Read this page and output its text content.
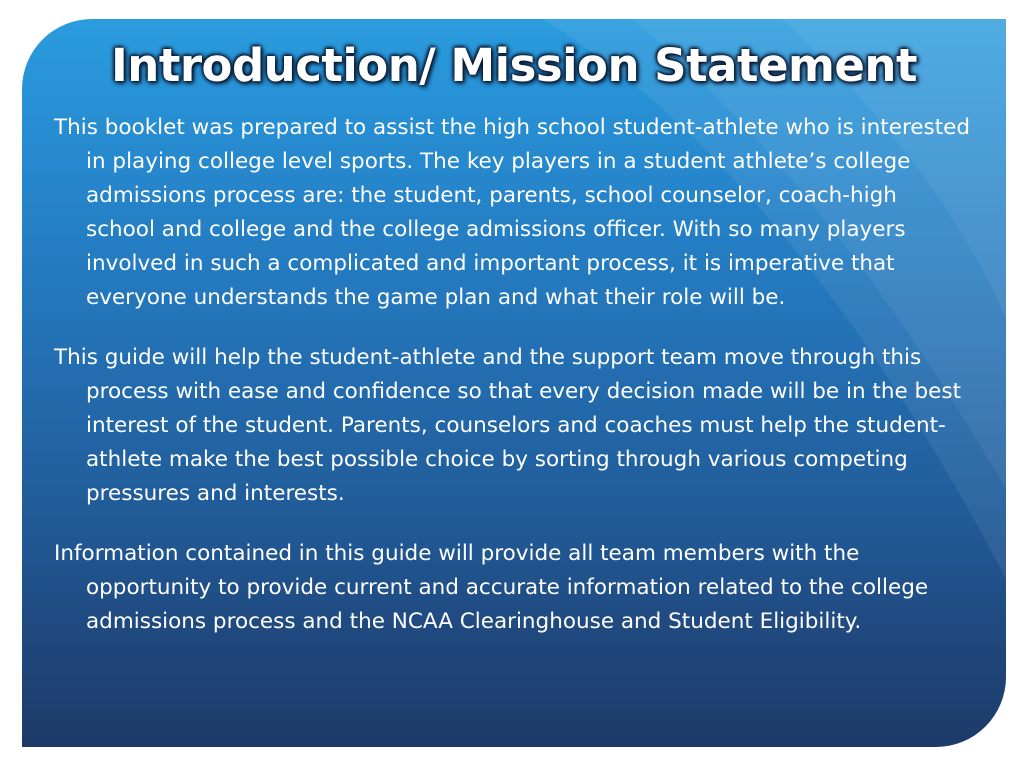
Introduction/ Mission Statement

This booklet was prepared to assist the high school student-athlete who is interested in playing college level sports. The key players in a student athlete’s college admissions process are: the student, parents, school counselor, coach-high school and college and the college admissions officer. With so many players involved in such a complicated and important process, it is imperative that everyone understands the game plan and what their role will be.

This guide will help the student-athlete and the support team move through this process with ease and confidence so that every decision made will be in the best interest of the student. Parents, counselors and coaches must help the student-athlete make the best possible choice by sorting through various competing pressures and interests.

Information contained in this guide will provide all team members with the opportunity to provide current and accurate information related to the college admissions process and the NCAA Clearinghouse and Student Eligibility.
